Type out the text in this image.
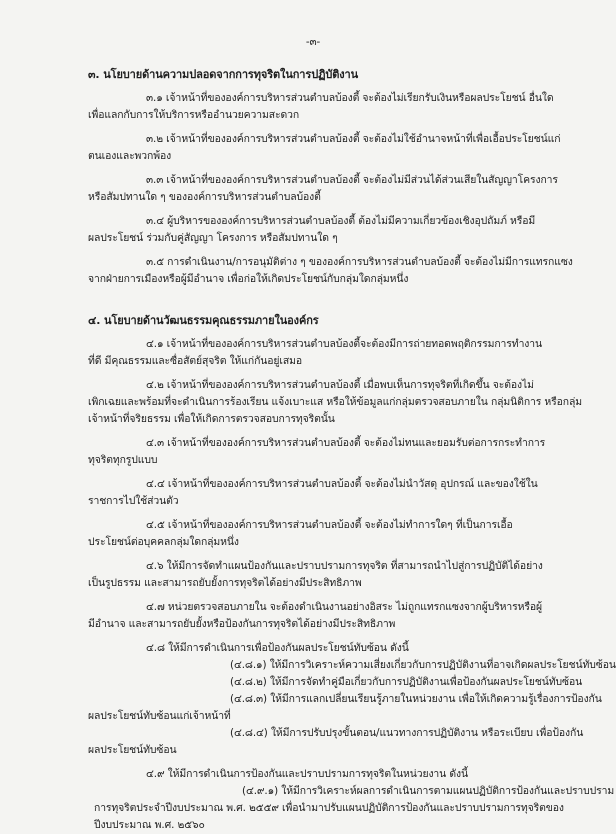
-๓-
๓. นโยบายด้านความปลอดจากการทุจริตในการปฏิบัติงาน
๓.๑ เจ้าหน้าที่ขององค์การบริหารส่วนตำบลบ้องตี้ จะต้องไม่เรียกรับเงินหรือผลประโยชน์ อื่นใด
เพื่อแลกกับการให้บริการหรืออำนวยความสะดวก
๓.๒ เจ้าหน้าที่ขององค์การบริหารส่วนตำบลบ้องตี้ จะต้องไม่ใช้อำนาจหน้าที่เพื่อเอื้อประโยชน์แก่
ตนเองและพวกพ้อง
๓.๓ เจ้าหน้าที่ขององค์การบริหารส่วนตำบลบ้องตี้ จะต้องไม่มีส่วนได้ส่วนเสียในสัญญาโครงการ
หรือสัมปทานใด ๆ ขององค์การบริหารส่วนตำบลบ้องตี้
๓.๔ ผู้บริหารขององค์การบริหารส่วนตำบลบ้องตี้ ต้องไม่มีความเกี่ยวข้องเชิงอุปถัมภ์ หรือมี
ผลประโยชน์ ร่วมกับคู่สัญญา โครงการ หรือสัมปทานใด ๆ
๓.๕ การดำเนินงาน/การอนุมัติต่าง ๆ ขององค์การบริหารส่วนตำบลบ้องตี้ จะต้องไม่มีการแทรกแซง
จากฝ่ายการเมืองหรือผู้มีอำนาจ เพื่อก่อให้เกิดประโยชน์กับกลุ่มใดกลุ่มหนึ่ง
๔. นโยบายด้านวัฒนธรรมคุณธรรมภายในองค์กร
๔.๑ เจ้าหน้าที่ขององค์การบริหารส่วนตำบลบ้องตี้จะต้องมีการถ่ายทอดพฤติกรรมการทำงาน
ที่ดี มีคุณธรรมและซื่อสัตย์สุจริต ให้แก่กันอยู่เสมอ
๔.๒ เจ้าหน้าที่ขององค์การบริหารส่วนตำบลบ้องตี้ เมื่อพบเห็นการทุจริตที่เกิดขึ้น จะต้องไม่
เพิกเฉยและพร้อมที่จะดำเนินการร้องเรียน แจ้งเบาะแส หรือให้ข้อมูลแก่กลุ่มตรวจสอบภายใน กลุ่มนิติการ หรือกลุ่ม
เจ้าหน้าที่จริยธรรม เพื่อให้เกิดการตรวจสอบการทุจริตนั้น
๔.๓ เจ้าหน้าที่ขององค์การบริหารส่วนตำบลบ้องตี้ จะต้องไม่ทนและยอมรับต่อการกระทำการ
ทุจริตทุกรูปแบบ
๔.๔ เจ้าหน้าที่ขององค์การบริหารส่วนตำบลบ้องตี้ จะต้องไม่นำวัสดุ อุปกรณ์ และของใช้ใน
ราชการไปใช้ส่วนตัว
๔.๕ เจ้าหน้าที่ขององค์การบริหารส่วนตำบลบ้องตี้ จะต้องไม่ทำการใดๆ ที่เป็นการเอื้อ
ประโยชน์ต่อบุคคลกลุ่มใดกลุ่มหนึ่ง
๔.๖ ให้มีการจัดทำแผนป้องกันและปราบปรามการทุจริต ที่สามารถนำไปสู่การปฏิบัติได้อย่าง
เป็นรูปธรรม และสามารถยับยั้งการทุจริตได้อย่างมีประสิทธิภาพ
๔.๗ หน่วยตรวจสอบภายใน จะต้องดำเนินงานอย่างอิสระ ไม่ถูกแทรกแซงจากผู้บริหารหรือผู้
มีอำนาจ และสามารถยับยั้งหรือป้องกันการทุจริตได้อย่างมีประสิทธิภาพ
๔.๘ ให้มีการดำเนินการเพื่อป้องกันผลประโยชน์ทับซ้อน ดังนี้
(๔.๘.๑) ให้มีการวิเคราะห์ความเสี่ยงเกี่ยวกับการปฏิบัติงานที่อาจเกิดผลประโยชน์ทับซ้อน
(๔.๘.๒) ให้มีการจัดทำคู่มือเกี่ยวกับการปฏิบัติงานเพื่อป้องกันผลประโยชน์ทับซ้อน
(๔.๘.๓) ให้มีการแลกเปลี่ยนเรียนรู้ภายในหน่วยงาน เพื่อให้เกิดความรู้เรื่องการป้องกัน
ผลประโยชน์ทับซ้อนแก่เจ้าหน้าที่
(๔.๘.๔) ให้มีการปรับปรุงขั้นตอน/แนวทางการปฏิบัติงาน หรือระเบียบ เพื่อป้องกัน
ผลประโยชน์ทับซ้อน
๔.๙ ให้มีการดำเนินการป้องกันและปราบปรามการทุจริตในหน่วยงาน ดังนี้
(๔.๙.๑) ให้มีการวิเคราะห์ผลการดำเนินการตามแผนปฏิบัติการป้องกันและปราบปราม
การทุจริตประจำปีงบประมาณ พ.ศ. ๒๕๕๙ เพื่อนำมาปรับแผนปฏิบัติการป้องกันและปราบปรามการทุจริตของ
ปีงบประมาณ พ.ศ. ๒๕๖๐
